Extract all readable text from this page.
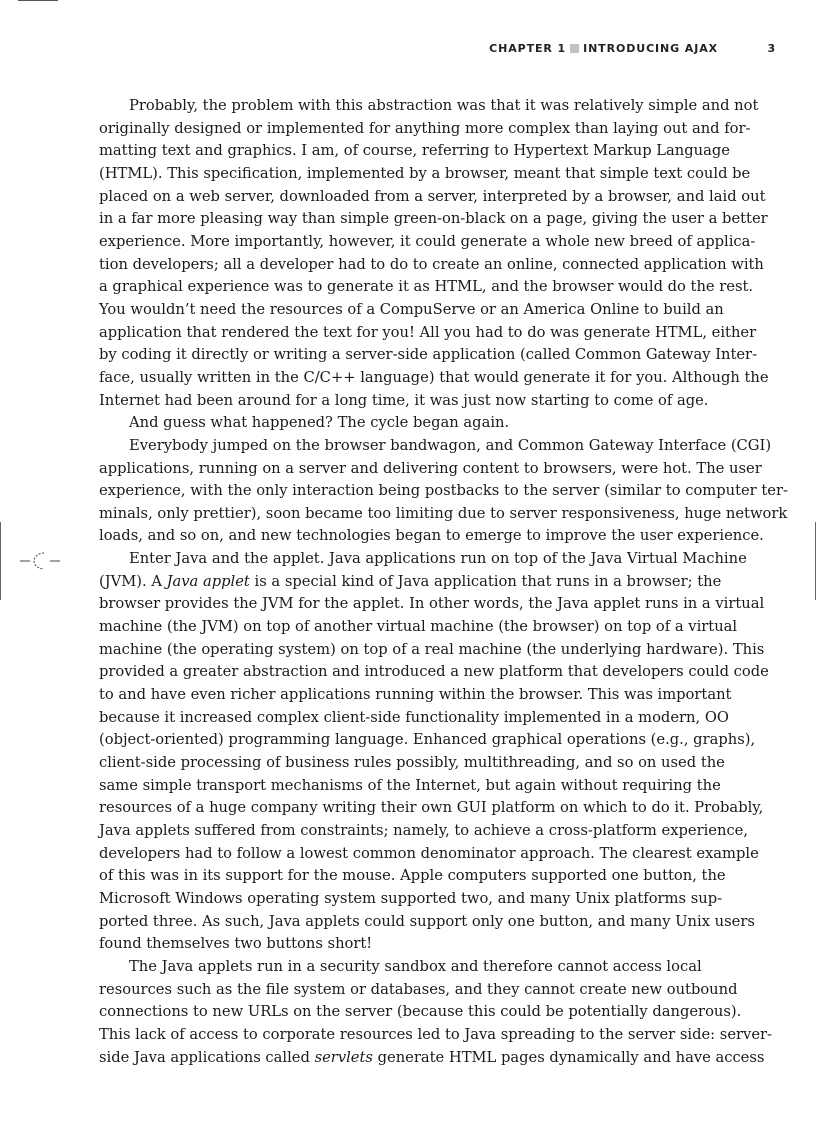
CHAPTER 1 INTRODUCING AJAX	3
Probably, the problem with this abstraction was that it was relatively simple and not
originally designed or implemented for anything more complex than laying out and for-
matting text and graphics. I am, of course, referring to Hypertext Markup Language
(HTML). This specification, implemented by a browser, meant that simple text could be
placed on a web server, downloaded from a server, interpreted by a browser, and laid out
in a far more pleasing way than simple green-on-black on a page, giving the user a better
experience. More importantly, however, it could generate a whole new breed of applica-
tion developers; all a developer had to do to create an online, connected application with
a graphical experience was to generate it as HTML, and the browser would do the rest.
You wouldn’t need the resources of a CompuServe or an America Online to build an
application that rendered the text for you! All you had to do was generate HTML, either
by coding it directly or writing a server-side application (called Common Gateway Inter-
face, usually written in the C/C++ language) that would generate it for you. Although the
Internet had been around for a long time, it was just now starting to come of age.
And guess what happened? The cycle began again.
Everybody jumped on the browser bandwagon, and Common Gateway Interface (CGI)
applications, running on a server and delivering content to browsers, were hot. The user
experience, with the only interaction being postbacks to the server (similar to computer ter-
minals, only prettier), soon became too limiting due to server responsiveness, huge network
loads, and so on, and new technologies began to emerge to improve the user experience.
Enter Java and the applet. Java applications run on top of the Java Virtual Machine
(JVM). A Java applet is a special kind of Java application that runs in a browser; the
browser provides the JVM for the applet. In other words, the Java applet runs in a virtual
machine (the JVM) on top of another virtual machine (the browser) on top of a virtual
machine (the operating system) on top of a real machine (the underlying hardware). This
provided a greater abstraction and introduced a new platform that developers could code
to and have even richer applications running within the browser. This was important
because it increased complex client-side functionality implemented in a modern, OO
(object-oriented) programming language. Enhanced graphical operations (e.g., graphs),
client-side processing of business rules possibly, multithreading, and so on used the
same simple transport mechanisms of the Internet, but again without requiring the
resources of a huge company writing their own GUI platform on which to do it. Probably,
Java applets suffered from constraints; namely, to achieve a cross-platform experience,
developers had to follow a lowest common denominator approach. The clearest example
of this was in its support for the mouse. Apple computers supported one button, the
Microsoft Windows operating system supported two, and many Unix platforms sup-
ported three. As such, Java applets could support only one button, and many Unix users
found themselves two buttons short!
The Java applets run in a security sandbox and therefore cannot access local
resources such as the file system or databases, and they cannot create new outbound
connections to new URLs on the server (because this could be potentially dangerous).
This lack of access to corporate resources led to Java spreading to the server side: server-
side Java applications called servlets generate HTML pages dynamically and have access
